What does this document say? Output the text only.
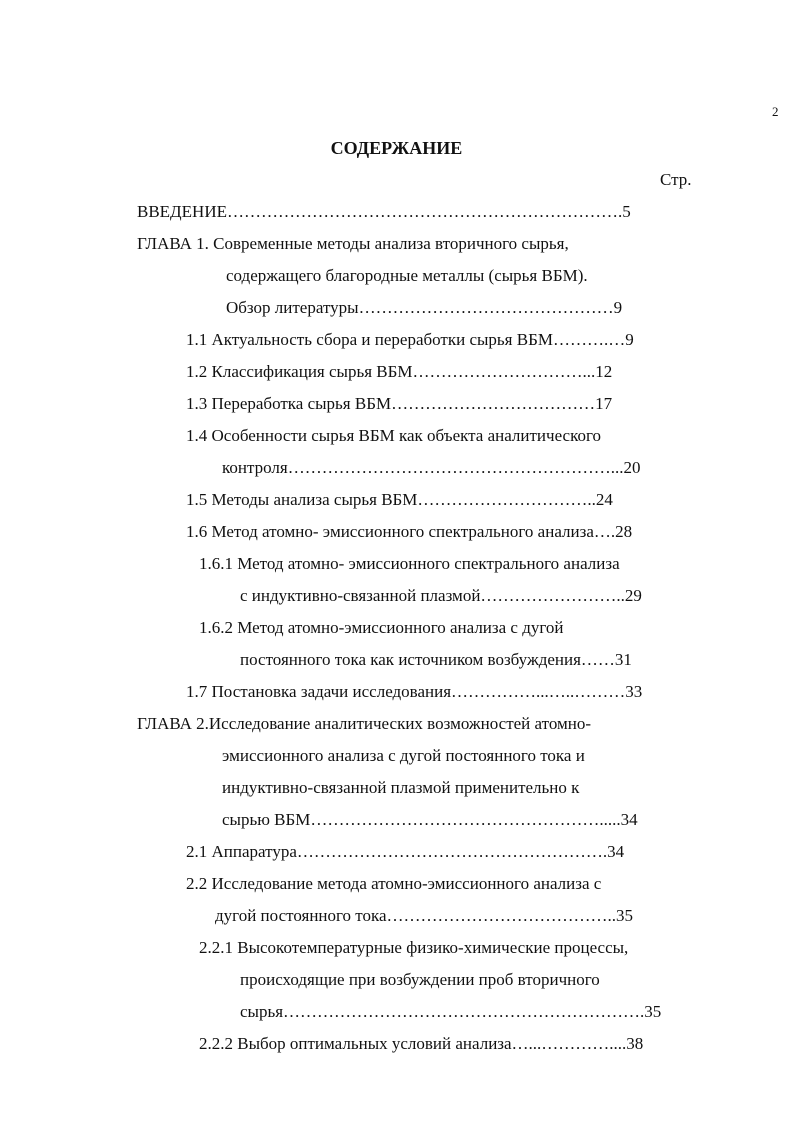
2
СОДЕРЖАНИЕ
Стр.
ВВЕДЕНИЕ…………………………………………………………….5
ГЛАВА 1. Современные методы анализа вторичного сырья,
содержащего благородные металлы (сырья ВБМ).
Обзор литературы………………………………………9
1.1 Актуальность сбора и переработки сырья ВБМ……….…9
1.2 Классификация сырья ВБМ…………………………...12
1.3 Переработка сырья ВБМ………………………………17
1.4 Особенности сырья ВБМ как объекта аналитического
контроля…………………………………………………...20
1.5 Методы анализа сырья ВБМ…………………………..24
1.6 Метод атомно- эмиссионного спектрального анализа….28
1.6.1 Метод атомно- эмиссионного спектрального анализа
с индуктивно-связанной плазмой……………………..29
1.6.2 Метод атомно-эмиссионного анализа с дугой
постоянного тока как источником возбуждения……31
1.7 Постановка задачи исследования……………...…..………33
ГЛАВА 2.Исследование аналитических возможностей атомно-
эмиссионного анализа с дугой постоянного тока и
индуктивно-связанной плазмой применительно к
сырью ВБМ…………………………………………….....34
2.1 Аппаратура……………………………………………….34
2.2 Исследование метода атомно-эмиссионного анализа с
дугой постоянного тока…………………………………..35
2.2.1 Высокотемпературные физико-химические процессы,
происходящие при возбуждении проб вторичного
сырья……………………………………………………….35
2.2.2 Выбор оптимальных условий анализа…...…………....38
